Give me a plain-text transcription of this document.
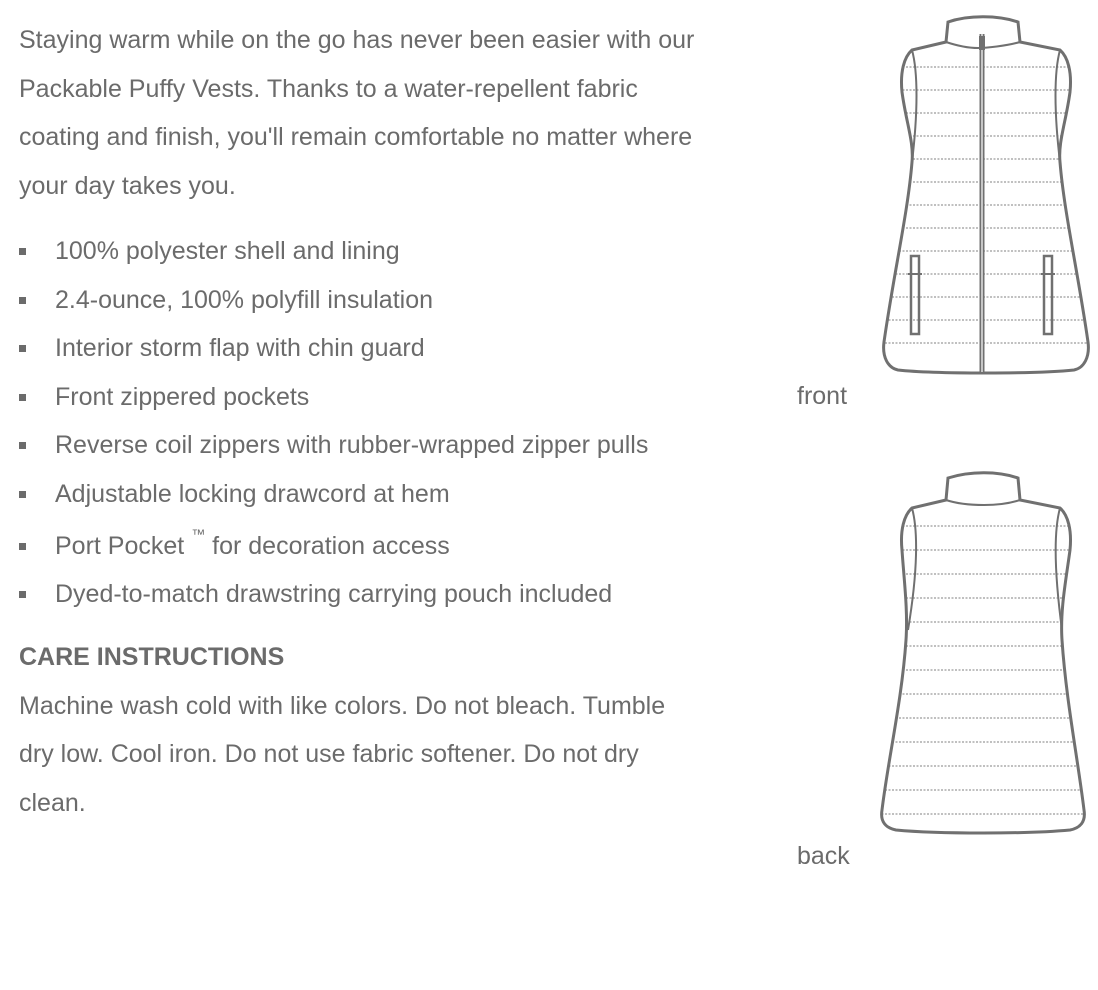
Staying warm while on the go has never been easier with our
Packable Puffy Vests. Thanks to a water-repellent fabric
coating and finish, you'll remain comfortable no matter where
your day takes you.

100% polyester shell and lining
2.4-ounce, 100% polyfill insulation
Interior storm flap with chin guard
Front zippered pockets
Reverse coil zippers with rubber-wrapped zipper pulls
Adjustable locking drawcord at hem
Port Pocket ™ for decoration access
Dyed-to-match drawstring carrying pouch included
CARE INSTRUCTIONS

Machine wash cold with like colors. Do not bleach. Tumble
dry low. Cool iron. Do not use fabric softener. Do not dry
clean.

front
back
